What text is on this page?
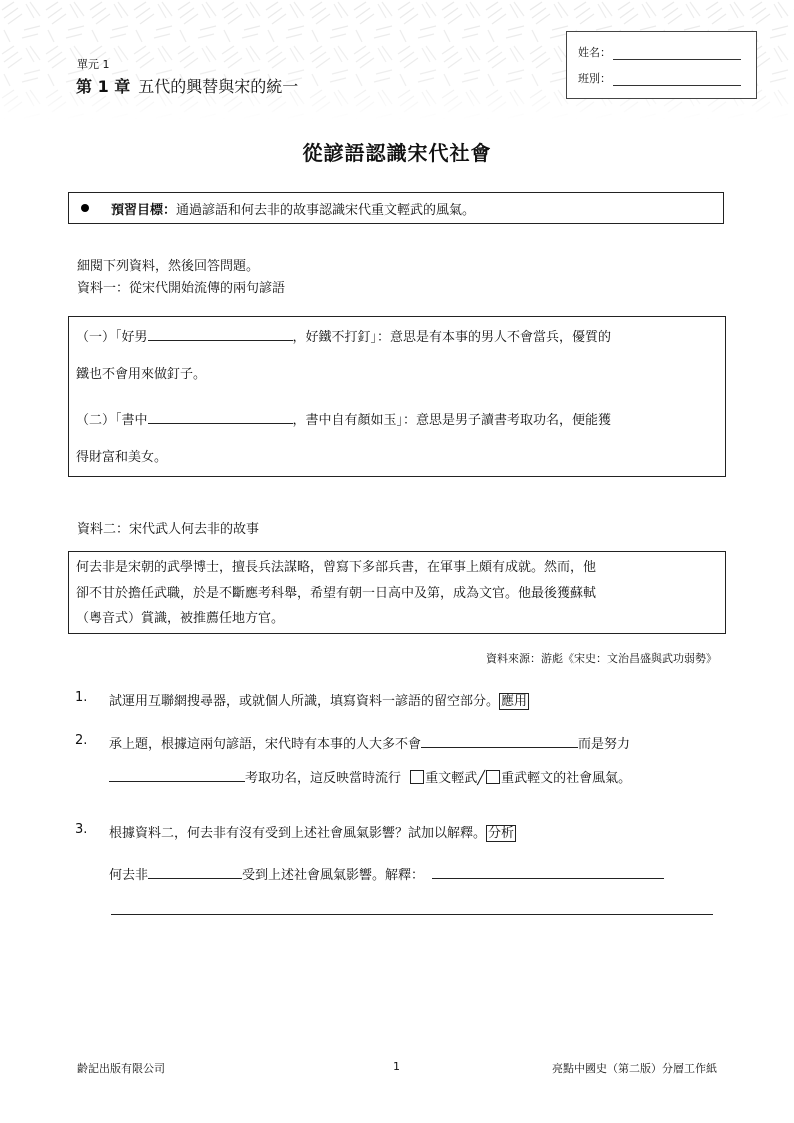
單元 1
第 1 章 五代的興替與宋的統一
姓名：
班別：
從諺語認識宋代社會
預習目標： 通過諺語和何去非的故事認識宋代重文輕武的風氣。
細閱下列資料，然後回答問題。
資料一：從宋代開始流傳的兩句諺語

（一）「好男	，好鐵不打釘」：意思是有本事的男人不會當兵，優質的

鐵也不會用來做釘子。

（二）「書中	，書中自有顏如玉」：意思是男子讀書考取功名，便能獲

得財富和美女。

資料二：宋代武人何去非的故事

何去非是宋朝的武學博士，擅長兵法謀略，曾寫下多部兵書，在軍事上頗有成就。然而，他

卻不甘於擔任武職，於是不斷應考科舉，希望有朝一日高中及第，成為文官。他最後獲蘇軾

（粵音式）賞識，被推薦任地方官。

資料來源：游彪《宋史：文治昌盛與武功弱勢》
1. 試運用互聯網搜尋器，或就個人所識，填寫資料一諺語的留空部分。 應用
2. 承上題，根據這兩句諺語，宋代時有本事的人大多不會	而是努力
考取功名，這反映當時流行 重文輕武╱ 重武輕文的社會風氣。
3. 根據資料二，何去非有沒有受到上述社會風氣影響？試加以解釋。 分析
何去非	受到上述社會風氣影響。解釋：
齡記出版有限公司	1	亮點中國史（第二版）分層工作紙
